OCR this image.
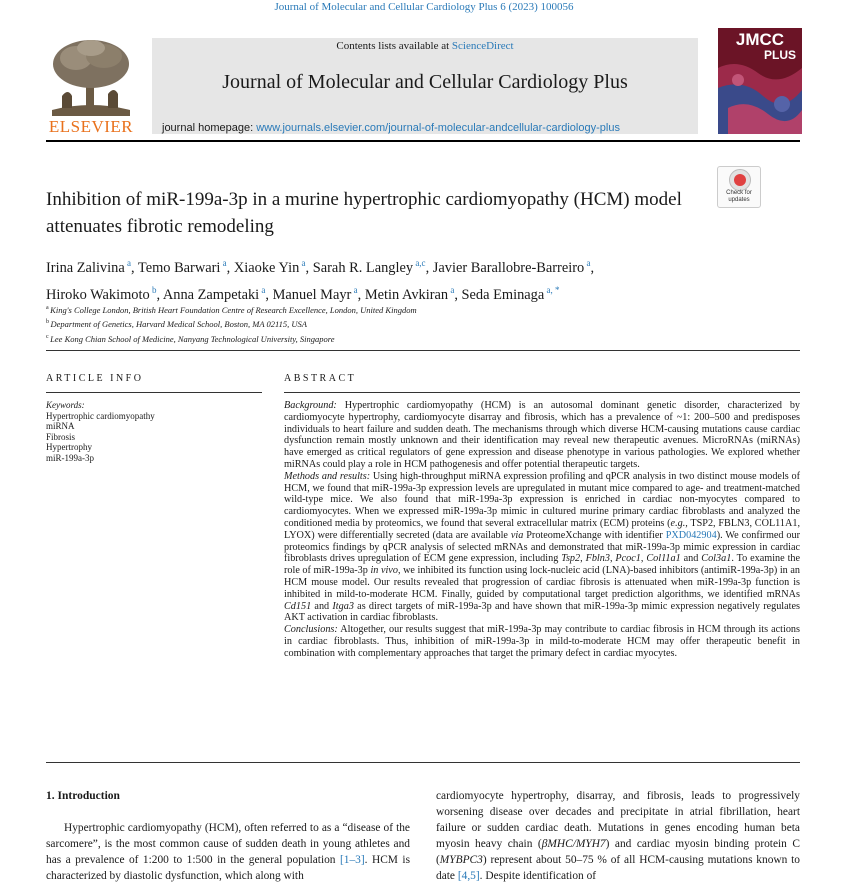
Journal of Molecular and Cellular Cardiology Plus 6 (2023) 100056
ELSEVIER
Contents lists available at ScienceDirect
Journal of Molecular and Cellular Cardiology Plus
journal homepage: www.journals.elsevier.com/journal-of-molecular-andcellular-cardiology-plus
JMCC
PLUS
Inhibition of miR-199a-3p in a murine hypertrophic cardiomyopathy (HCM) model attenuates fibrotic remodeling
Check for updates
Irina Zalivina $^a$, Temo Barwari $^a$, Xiaoke Yin $^a$, Sarah R. Langley $^{a,c}$, Javier Barallobre-Barreiro $^a$,
Hiroko Wakimoto $^b$, Anna Zampetaki $^a$, Manuel Mayr $^a$, Metin Avkiran $^a$, Seda Eminaga $^{a, *}$
$^a$ King's College London, British Heart Foundation Centre of Research Excellence, London, United Kingdom
$^b$ Department of Genetics, Harvard Medical School, Boston, MA 02115, USA
$^c$ Lee Kong Chian School of Medicine, Nanyang Technological University, Singapore
ARTICLE INFO	ABSTRACT
Keywords:
Hypertrophic cardiomyopathy
miRNA
Fibrosis
Hypertrophy
miR-199a-3p

Background: Hypertrophic cardiomyopathy (HCM) is an autosomal dominant genetic disorder, characterized by cardiomyocyte hypertrophy, cardiomyocyte disarray and fibrosis, which has a prevalence of ~1: 200–500 and predisposes individuals to heart failure and sudden death. The mechanisms through which diverse HCM-causing mutations cause cardiac dysfunction remain mostly unknown and their identification may reveal new therapeutic avenues. MicroRNAs (miRNAs) have emerged as critical regulators of gene expression and disease phenotype in various pathologies. We explored whether miRNAs could play a role in HCM pathogenesis and offer potential therapeutic targets.

Methods and results: Using high-throughput miRNA expression profiling and qPCR analysis in two distinct mouse models of HCM, we found that miR-199a-3p expression levels are upregulated in mutant mice compared to age- and treatment-matched wild-type mice. We also found that miR-199a-3p expression is enriched in cardiac non-myocytes compared to cardiomyocytes. When we expressed miR-199a-3p mimic in cultured murine primary cardiac fibroblasts and analyzed the conditioned media by proteomics, we found that several extracellular matrix (ECM) proteins (e.g., TSP2, FBLN3, COL11A1, LYOX) were differentially secreted (data are available via ProteomeXchange with identifier PXD042904). We confirmed our proteomics findings by qPCR analysis of selected mRNAs and demonstrated that miR-199a-3p mimic expression in cardiac fibroblasts drives upregulation of ECM gene expression, including Tsp2, Fbln3, Pcoc1, Col11a1 and Col3a1. To examine the role of miR-199a-3p in vivo, we inhibited its function using lock-nucleic acid (LNA)-based inhibitors (antimiR-199a-3p) in an HCM mouse model. Our results revealed that progression of cardiac fibrosis is attenuated when miR-199a-3p function is inhibited in mild-to-moderate HCM. Finally, guided by computational target prediction algorithms, we identified mRNAs Cd151 and Itga3 as direct targets of miR-199a-3p and have shown that miR-199a-3p mimic expression negatively regulates AKT activation in cardiac fibroblasts.

Conclusions: Altogether, our results suggest that miR-199a-3p may contribute to cardiac fibrosis in HCM through its actions in cardiac fibroblasts. Thus, inhibition of miR-199a-3p in mild-to-moderate HCM may offer therapeutic benefit in combination with complementary approaches that target the primary defect in cardiac myocytes.

1. Introduction

Hypertrophic cardiomyopathy (HCM), often referred to as a “disease of the sarcomere”, is the most common cause of sudden death in young athletes and has a prevalence of 1:200 to 1:500 in the general population [1–3]. HCM is characterized by diastolic dysfunction, which along with

cardiomyocyte hypertrophy, disarray, and fibrosis, leads to progressively worsening disease over decades and precipitate in atrial fibrillation, heart failure or sudden cardiac death. Mutations in genes encoding human beta myosin heavy chain (βMHC/MYH7) and cardiac myosin binding protein C (MYBPC3) represent about 50–75 % of all HCM-causing mutations known to date [4,5]. Despite identification of
